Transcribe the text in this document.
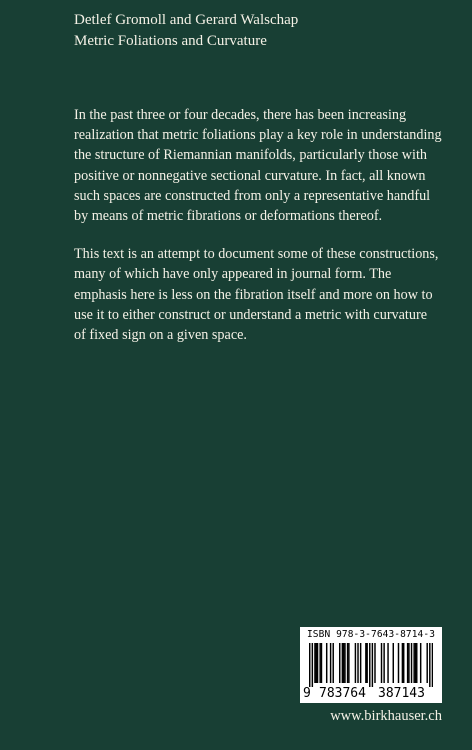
Detlef Gromoll and Gerard Walschap
Metric Foliations and Curvature

In the past three or four decades, there has been increasing realization that metric foliations play a key role in understanding the structure of Riemannian manifolds, particularly those with positive or nonnegative sectional curvature. In fact, all known such spaces are constructed from only a representative handful by means of metric fibrations or deformations thereof.

This text is an attempt to document some of these constructions, many of which have only appeared in journal form. The emphasis here is less on the fibration itself and more on how to use it to either construct or understand a metric with curvature of fixed sign on a given space.

ISBN 978-3-7643-8714-3
9 783764 387143
www.birkhauser.ch
